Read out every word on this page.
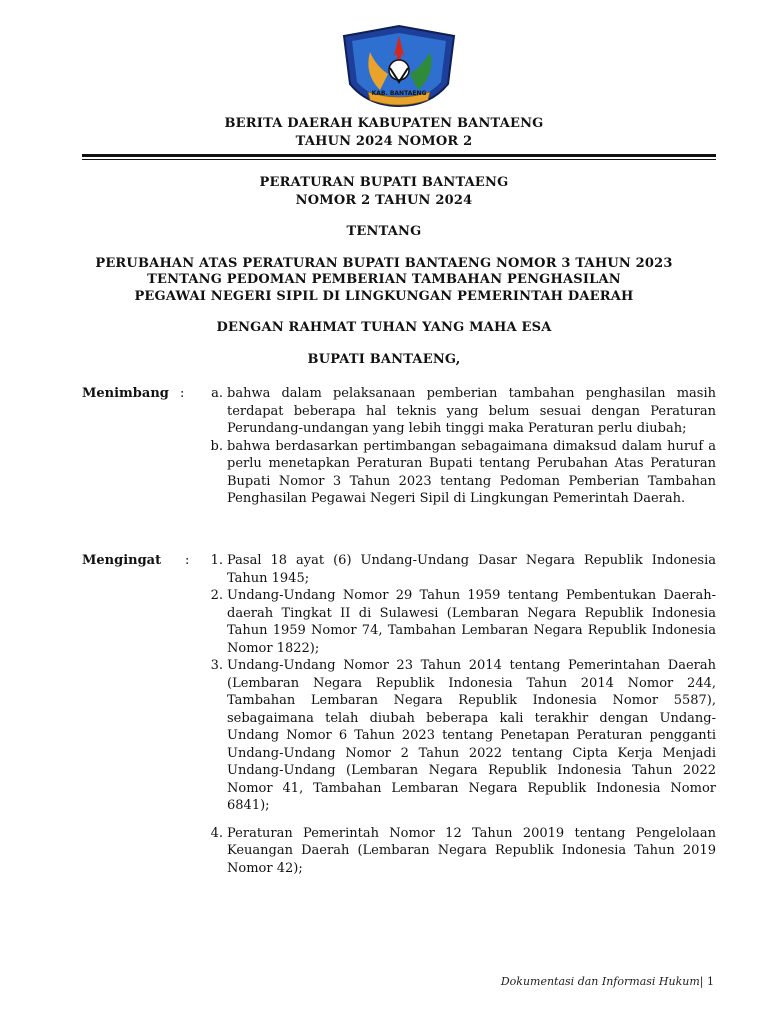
KAB. BANTAENG
BERITA DAERAH KABUPATEN BANTAENG
TAHUN 2024 NOMOR 2
PERATURAN BUPATI BANTAENG
NOMOR 2 TAHUN 2024
TENTANG
PERUBAHAN ATAS PERATURAN BUPATI BANTAENG NOMOR 3 TAHUN 2023
TENTANG PEDOMAN PEMBERIAN TAMBAHAN PENGHASILAN
PEGAWAI NEGERI SIPIL DI LINGKUNGAN PEMERINTAH DAERAH
DENGAN RAHMAT TUHAN YANG MAHA ESA
BUPATI BANTAENG,
Menimbang :	a. bahwa dalam pelaksanaan pemberian tambahan penghasilan masih terdapat beberapa hal teknis yang belum sesuai dengan Peraturan Perundang-undangan yang lebih tinggi maka Peraturan perlu diubah;
b. bahwa berdasarkan pertimbangan sebagaimana dimaksud dalam huruf a perlu menetapkan Peraturan Bupati tentang Perubahan Atas Peraturan Bupati Nomor 3 Tahun 2023 tentang Pedoman Pemberian Tambahan Penghasilan Pegawai Negeri Sipil di Lingkungan Pemerintah Daerah.
Mengingat :	1. Pasal 18 ayat (6) Undang-Undang Dasar Negara Republik Indonesia Tahun 1945;
2. Undang-Undang Nomor 29 Tahun 1959 tentang Pembentukan Daerah-daerah Tingkat II di Sulawesi (Lembaran Negara Republik Indonesia Tahun 1959 Nomor 74, Tambahan Lembaran Negara Republik Indonesia Nomor 1822);
3. Undang-Undang Nomor 23 Tahun 2014 tentang Pemerintahan Daerah (Lembaran Negara Republik Indonesia Tahun 2014 Nomor 244, Tambahan Lembaran Negara Republik Indonesia Nomor 5587), sebagaimana telah diubah beberapa kali terakhir dengan Undang-Undang Nomor 6 Tahun 2023 tentang Penetapan Peraturan pengganti Undang-Undang Nomor 2 Tahun 2022 tentang Cipta Kerja Menjadi Undang-Undang (Lembaran Negara Republik Indonesia Tahun 2022 Nomor 41, Tambahan Lembaran Negara Republik Indonesia Nomor 6841);
4. Peraturan Pemerintah Nomor 12 Tahun 20019 tentang Pengelolaan Keuangan Daerah (Lembaran Negara Republik Indonesia Tahun 2019 Nomor 42);
Dokumentasi dan Informasi Hukum| 1
